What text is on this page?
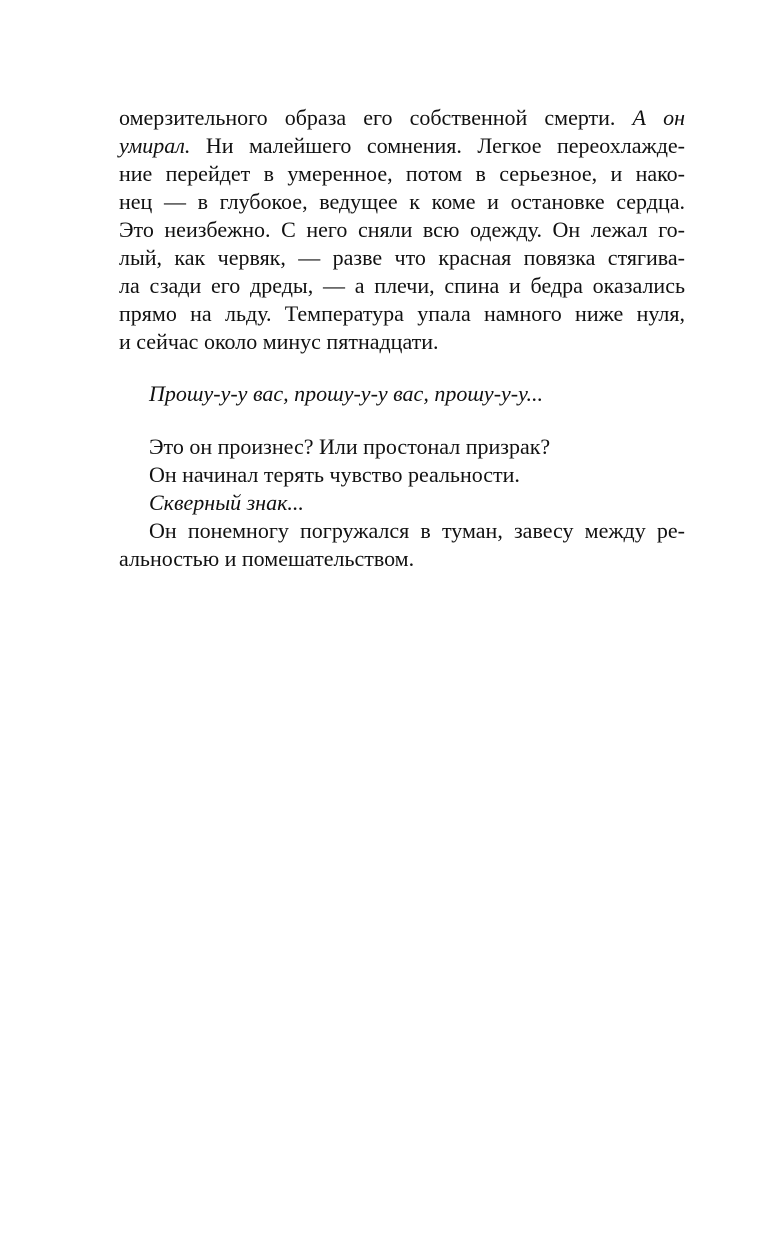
омерзительного образа его собственной смерти. А он
умирал. Ни малейшего сомнения. Легкое переохлажде-
ние перейдет в умеренное, потом в серьезное, и нако-
нец — в глубокое, ведущее к коме и остановке сердца.
Это неизбежно. С него сняли всю одежду. Он лежал го-
лый, как червяк, — разве что красная повязка стягива-
ла сзади его дреды, — а плечи, спина и бедра оказались
прямо на льду. Температура упала намного ниже нуля,
и сейчас около минус пятнадцати.
Прошу-у-у вас, прошу-у-у вас, прошу-у-у...
Это он произнес? Или простонал призрак?
Он начинал терять чувство реальности.
Скверный знак...
Он понемногу погружался в туман, завесу между ре-
альностью и помешательством.
